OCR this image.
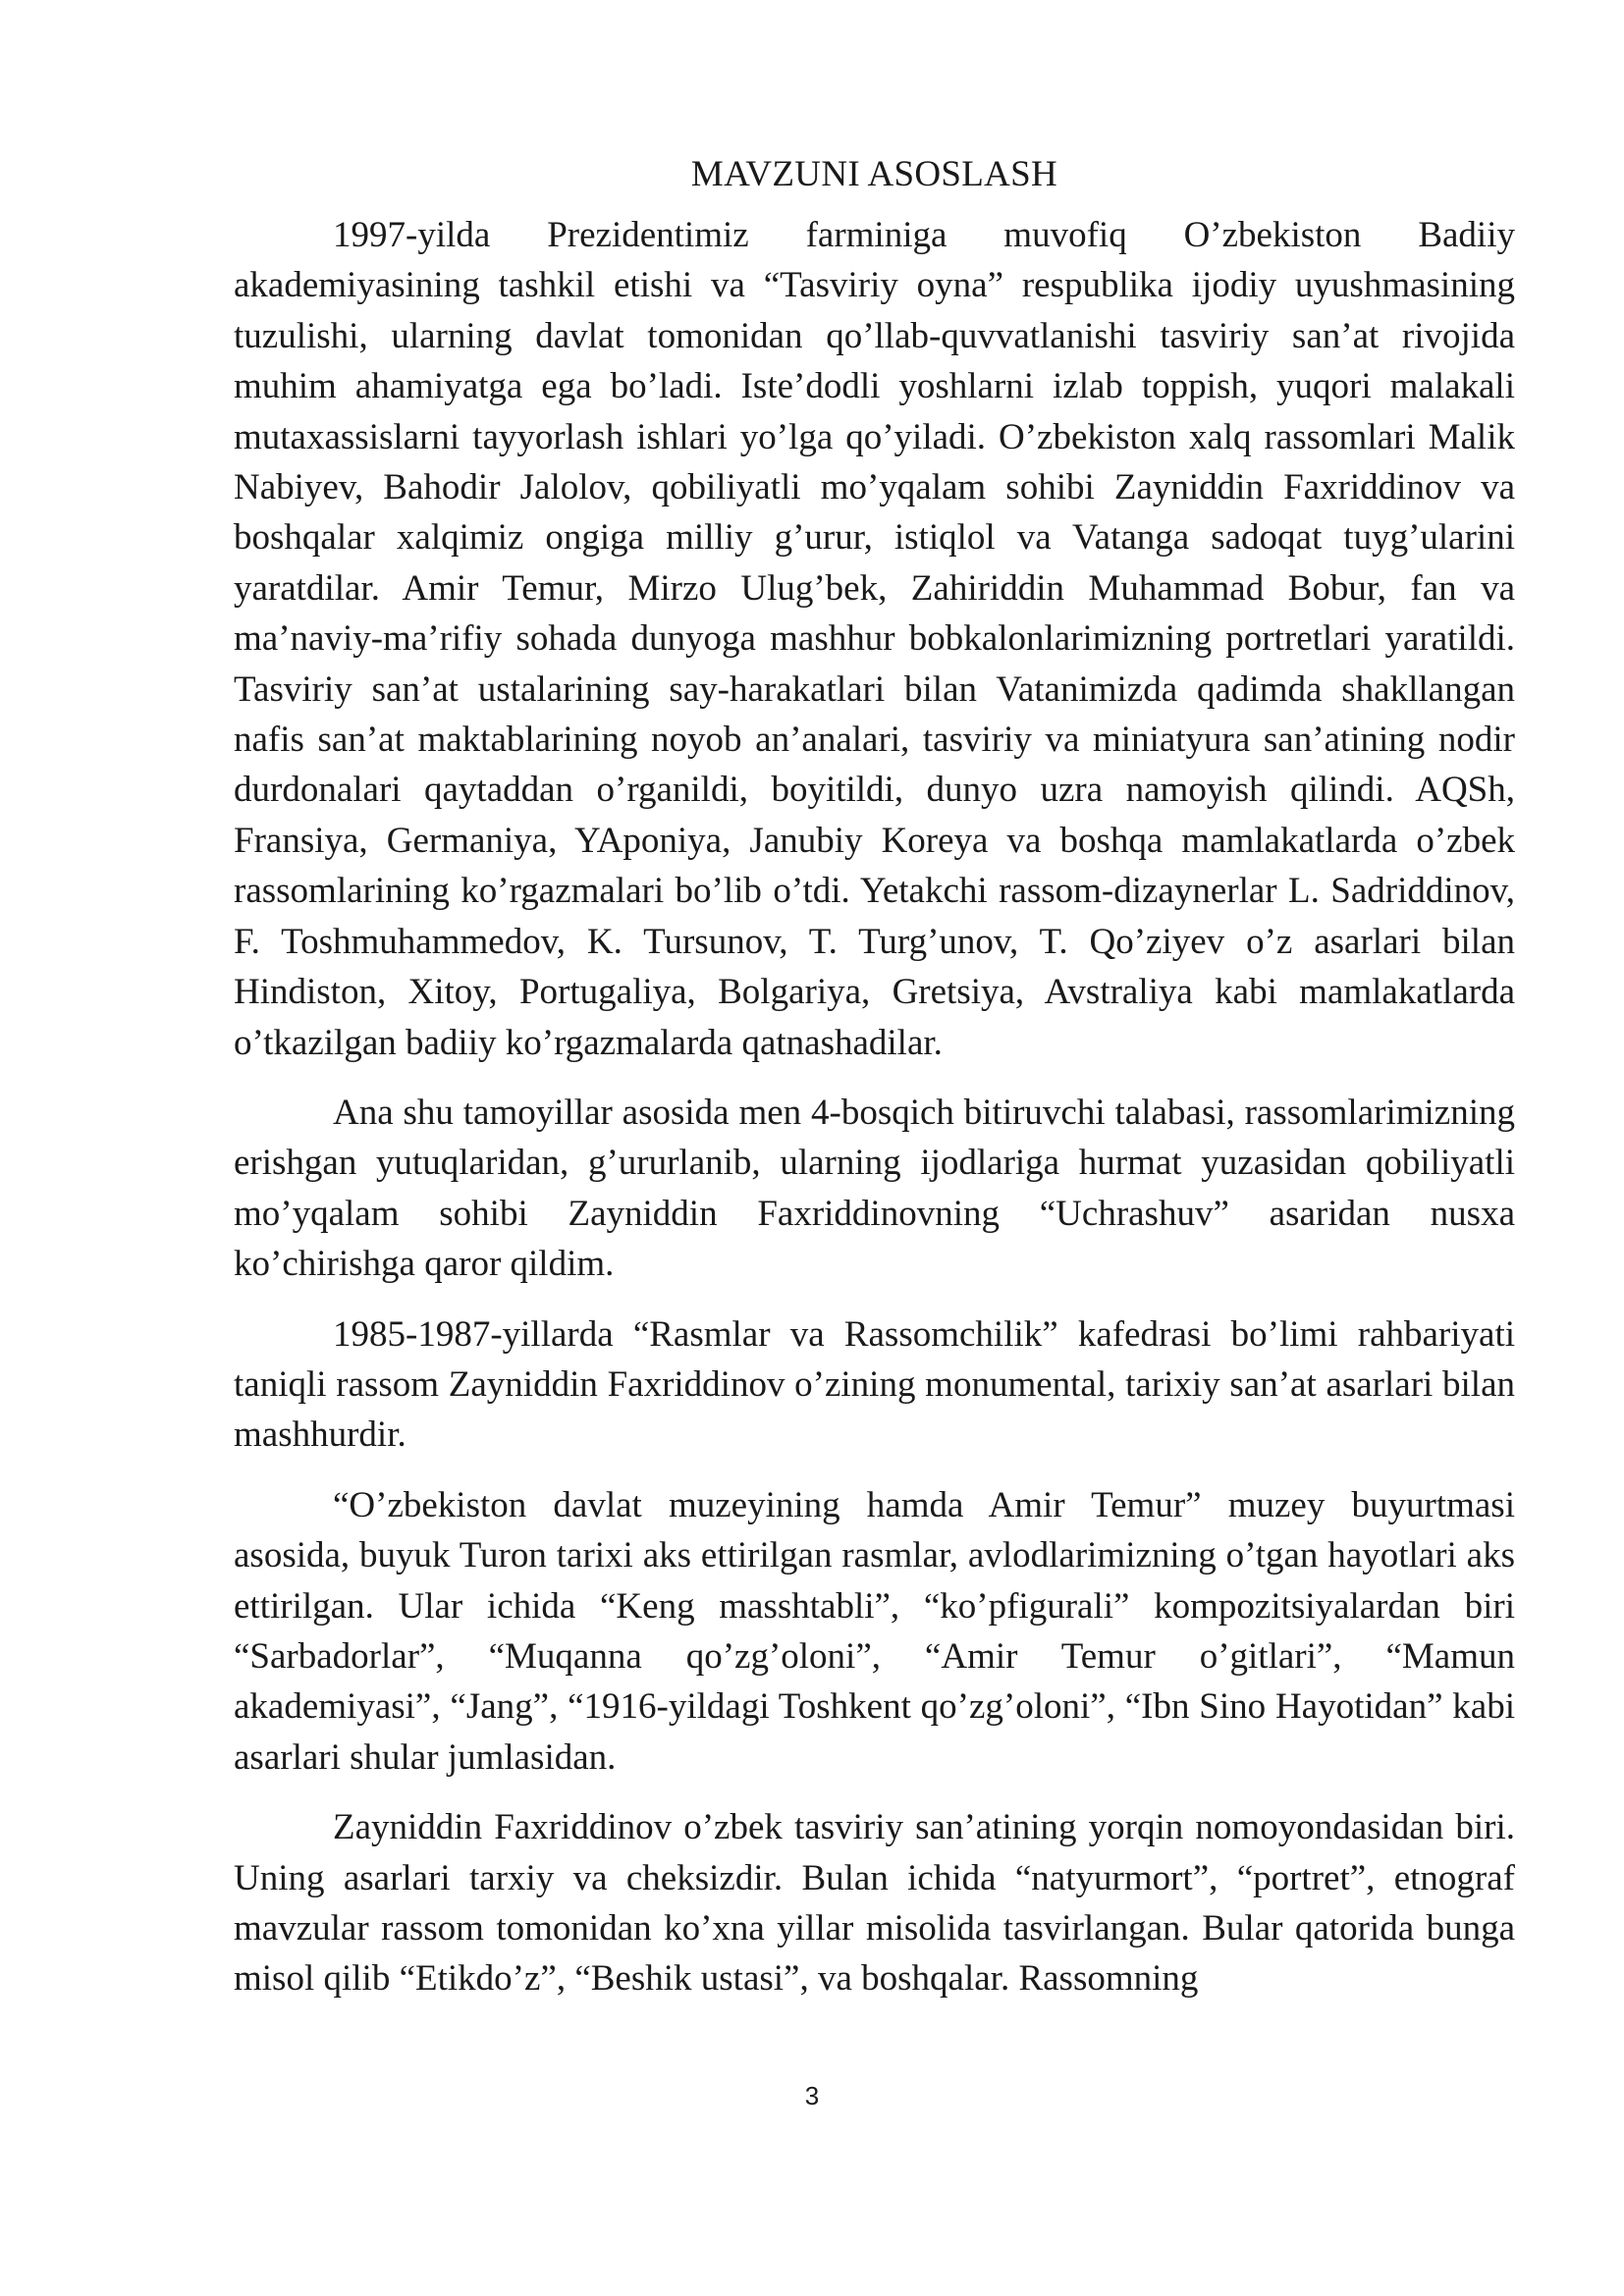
MAVZUNI ASOSLASH

1997-yilda Prezidentimiz farminiga muvofiq O’zbekiston Badiiy akademiyasining tashkil etishi va “Tasviriy oyna” respublika ijodiy uyushmasining tuzulishi, ularning davlat tomonidan qo’llab-quvvatlanishi tasviriy san’at rivojida muhim ahamiyatga ega bo’ladi. Iste’dodli yoshlarni izlab toppish, yuqori malakali mutaxassislarni tayyorlash ishlari yo’lga qo’yiladi. O’zbekiston xalq rassomlari Malik Nabiyev, Bahodir Jalolov, qobiliyatli mo’yqalam sohibi Zayniddin Faxriddinov va boshqalar xalqimiz ongiga milliy g’urur, istiqlol va Vatanga sadoqat tuyg’ularini yaratdilar. Amir Temur, Mirzo Ulug’bek, Zahiriddin Muhammad Bobur, fan va ma’naviy-ma’rifiy sohada dunyoga mashhur bobkalonlarimizning portretlari yaratildi. Tasviriy san’at ustalarining say-harakatlari bilan Vatanimizda qadimda shakllangan nafis san’at maktablarining noyob an’analari, tasviriy va miniatyura san’atining nodir durdonalari qaytaddan o’rganildi, boyitildi, dunyo uzra namoyish qilindi. AQSh, Fransiya, Germaniya, YAponiya, Janubiy Koreya va boshqa mamlakatlarda o’zbek rassomlarining ko’rgazmalari bo’lib o’tdi. Yetakchi rassom-dizaynerlar L. Sadriddinov, F. Toshmuhammedov, K. Tursunov, T. Turg’unov, T. Qo’ziyev o’z asarlari bilan Hindiston, Xitoy, Portugaliya, Bolgariya, Gretsiya, Avstraliya kabi mamlakatlarda o’tkazilgan badiiy ko’rgazmalarda qatnashadilar.

Ana shu tamoyillar asosida men 4-bosqich bitiruvchi talabasi, rassomlarimizning erishgan yutuqlaridan, g’ururlanib, ularning ijodlariga hurmat yuzasidan qobiliyatli mo’yqalam sohibi Zayniddin Faxriddinovning “Uchrashuv” asaridan nusxa ko’chirishga qaror qildim.

1985-1987-yillarda “Rasmlar va Rassomchilik” kafedrasi bo’limi rahbariyati taniqli rassom Zayniddin Faxriddinov o’zining monumental, tarixiy san’at asarlari bilan mashhurdir.

“O’zbekiston davlat muzeyining hamda Amir Temur” muzey buyurtmasi asosida, buyuk Turon tarixi aks ettirilgan rasmlar, avlodlarimizning o’tgan hayotlari aks ettirilgan. Ular ichida “Keng masshtabli”, “ko’pfigurali” kompozitsiyalardan biri “Sarbadorlar”, “Muqanna qo’zg’oloni”, “Amir Temur o’gitlari”, “Mamun akademiyasi”, “Jang”, “1916-yildagi Toshkent qo’zg’oloni”, “Ibn Sino Hayotidan” kabi asarlari shular jumlasidan.

Zayniddin Faxriddinov o’zbek tasviriy san’atining yorqin nomoyondasidan biri. Uning asarlari tarxiy va cheksizdir. Bulan ichida “natyurmort”, “portret”, etnograf mavzular rassom tomonidan ko’xna yillar misolida tasvirlangan. Bular qatorida bunga misol qilib “Etikdo’z”, “Beshik ustasi”, va boshqalar. Rassomning

3
